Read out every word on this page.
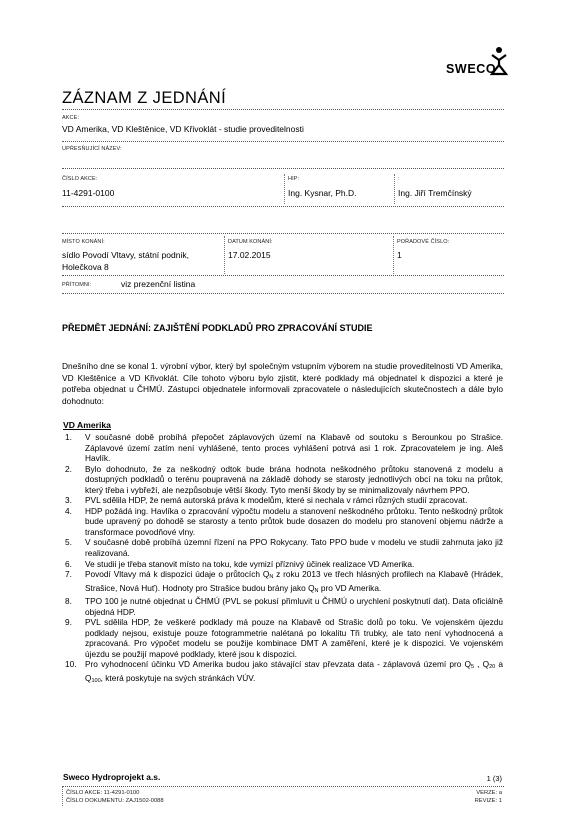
SWECO
ZÁZNAM Z JEDNÁNÍ
AKCE:
VD Amerika, VD Kleštěnice, VD Křivoklát - studie proveditelnosti
UPŘESŇUJÍCÍ NÁZEV:
ČÍSLO AKCE:
11-4291-0100
HIP:
Ing. Kysnar, Ph.D.
:
Ing. Jiří Tremčínský
MÍSTO KONÁNÍ:
sídlo Povodí Vltavy, státní podnik,
Holečkova 8
DATUM KONÁNÍ:
17.02.2015
POŘADOVÉ ČÍSLO:
1
PŘÍTOMNI:	viz prezenční listina
PŘEDMĚT JEDNÁNÍ: ZAJIŠTĚNÍ PODKLADŮ PRO ZPRACOVÁNÍ STUDIE
Dnešního dne se konal 1. výrobní výbor, který byl společným vstupním výborem na studie proveditelnosti VD Amerika, VD Kleštěnice a VD Křivoklát. Cíle tohoto výboru bylo zjistit, které podklady má objednatel k dispozici a které je potřeba objednat u ČHMÚ. Zástupci objednatele informovali zpracovatele o následujících skutečnostech a dále bylo dohodnuto:
VD Amerika
1.	V současné době probíhá přepočet záplavových území na Klabavě od soutoku s Berounkou po Strašice. Záplavové území zatím není vyhlášené, tento proces vyhlášení potrvá asi 1 rok. Zpracovatelem je ing. Aleš Havlík.
2.	Bylo dohodnuto, že za neškodný odtok bude brána hodnota neškodného průtoku stanovená z modelu a dostupných podkladů o terénu poupravená na základě dohody se starosty jednotlivých obcí na toku na průtok, který třeba i vybřeží, ale nezpůsobuje větší škody. Tyto menší škody by se minimalizovaly návrhem PPO.
3.	PVL sdělila HDP, že nemá autorská práva k modelům, které si nechala v rámci různých studií zpracovat.
4.	HDP požádá ing. Havlíka o zpracování výpočtu modelu a stanovení neškodného průtoku. Tento neškodný průtok bude upravený po dohodě se starosty a tento průtok bude dosazen do modelu pro stanovení objemu nádrže a transformace povodňové vlny.
5.	V současné době probíhá územní řízení na PPO Rokycany. Tato PPO bude v modelu ve studii zahrnuta jako již realizovaná.
6.	Ve studii je třeba stanovit místo na toku, kde vymizí příznivý účinek realizace VD Amerika.
7.	Povodí Vltavy má k dispozici údaje o průtocích $Q_N$ z roku 2013 ve třech hlásných profilech na Klabavě (Hrádek, Strašice, Nová Huť). Hodnoty pro Strašice budou brány jako $Q_N$ pro VD Amerika.
8.	TPO 100 je nutné objednat u ČHMÚ (PVL se pokusí přimluvit u ČHMÚ o urychlení poskytnutí dat). Data oficiálně objedná HDP.
9.	PVL sdělila HDP, že veškeré podklady má pouze na Klabavě od Strašic dolů po toku. Ve vojenském újezdu podklady nejsou, existuje pouze fotogrammetrie nalétaná po lokalitu Tři trubky, ale tato není vyhodnocená a zpracovaná. Pro výpočet modelu se použije kombinace DMT A zaměření, které je k dispozici. Ve vojenském újezdu se použijí mapové podklady, které jsou k dispozici.
10.	Pro vyhodnocení účinku VD Amerika budou jako stávající stav převzata data - záplavová území pro $Q_5$ , $Q_{20}$ a $Q_{100}$, která poskytuje na svých stránkách VÚV.
Sweco Hydroprojekt a.s.	1 (3)
ČÍSLO AKCE: 11-4291-0100
ČÍSLO DOKUMENTU: ZAJ1502-0088
VERZE: a
REVIZE: 1
